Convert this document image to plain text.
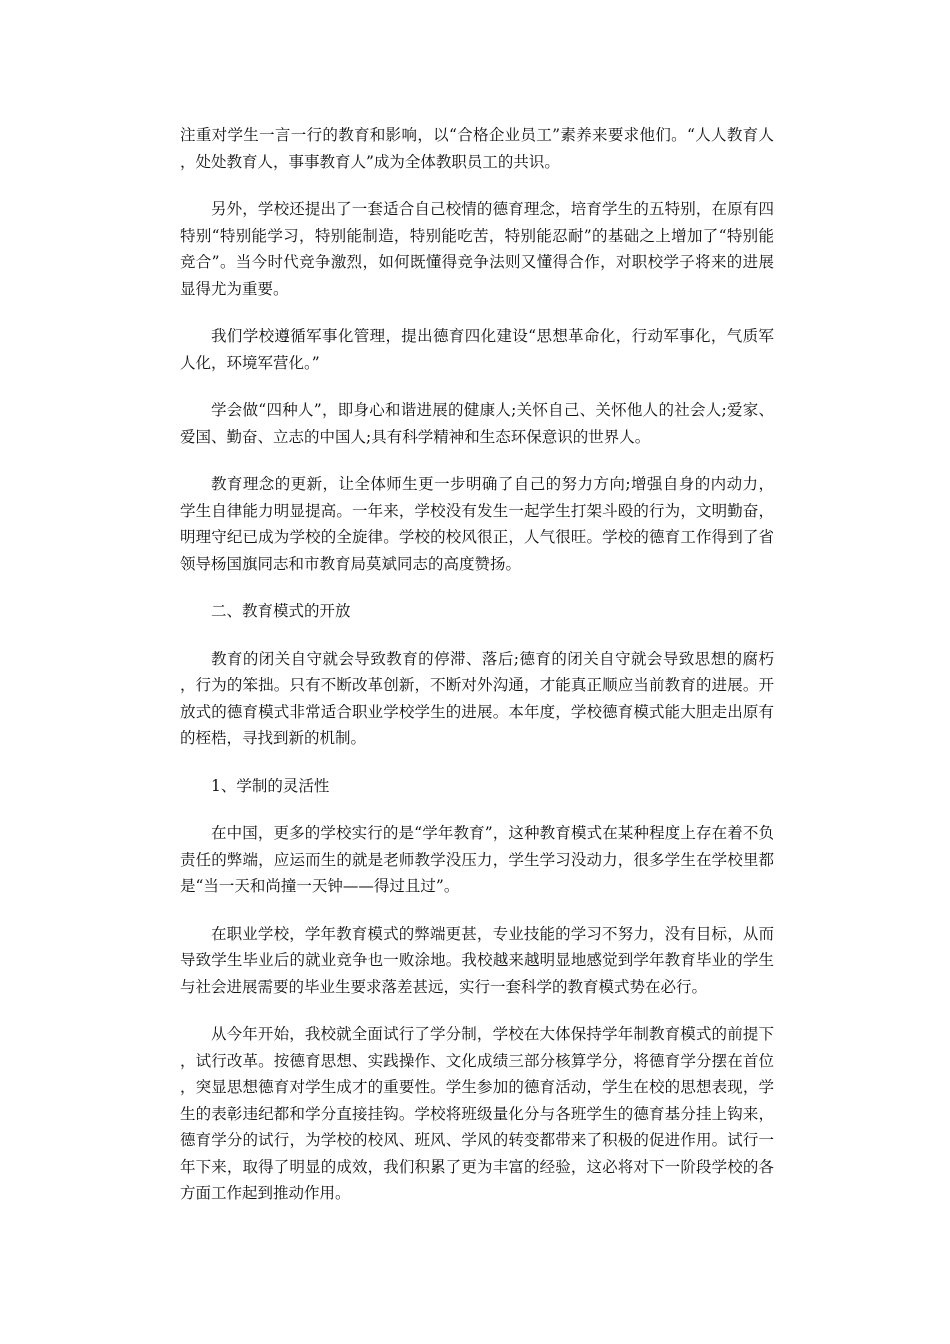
注重对学生一言一行的教育和影响，以“合格企业员工”素养来要求他们。“人人教育人，处处教育人，事事教育人”成为全体教职员工的共识。

另外，学校还提出了一套适合自己校情的德育理念，培育学生的五特别，在原有四特别“特别能学习，特别能制造，特别能吃苦，特别能忍耐”的基础之上增加了“特别能竞合”。当今时代竞争激烈，如何既懂得竞争法则又懂得合作，对职校学子将来的进展显得尤为重要。

我们学校遵循军事化管理，提出德育四化建设“思想革命化，行动军事化，气质军人化，环境军营化。”

学会做“四种人”，即身心和谐进展的健康人;关怀自己、关怀他人的社会人;爱家、爱国、勤奋、立志的中国人;具有科学精神和生态环保意识的世界人。

教育理念的更新，让全体师生更一步明确了自己的努力方向;增强自身的内动力，学生自律能力明显提高。一年来，学校没有发生一起学生打架斗殴的行为，文明勤奋，明理守纪已成为学校的全旋律。学校的校风很正，人气很旺。学校的德育工作得到了省领导杨国旗同志和市教育局莫斌同志的高度赞扬。

二、教育模式的开放

教育的闭关自守就会导致教育的停滞、落后;德育的闭关自守就会导致思想的腐朽，行为的笨拙。只有不断改革创新，不断对外沟通，才能真正顺应当前教育的进展。开放式的德育模式非常适合职业学校学生的进展。本年度，学校德育模式能大胆走出原有的桎梏，寻找到新的机制。

1、学制的灵活性

在中国，更多的学校实行的是“学年教育”，这种教育模式在某种程度上存在着不负责任的弊端，应运而生的就是老师教学没压力，学生学习没动力，很多学生在学校里都是“当一天和尚撞一天钟——得过且过”。

在职业学校，学年教育模式的弊端更甚，专业技能的学习不努力，没有目标，从而导致学生毕业后的就业竞争也一败涂地。我校越来越明显地感觉到学年教育毕业的学生与社会进展需要的毕业生要求落差甚远，实行一套科学的教育模式势在必行。

从今年开始，我校就全面试行了学分制，学校在大体保持学年制教育模式的前提下，试行改革。按德育思想、实践操作、文化成绩三部分核算学分，将德育学分摆在首位，突显思想德育对学生成才的重要性。学生参加的德育活动，学生在校的思想表现，学生的表彰违纪都和学分直接挂钩。学校将班级量化分与各班学生的德育基分挂上钩来，德育学分的试行，为学校的校风、班风、学风的转变都带来了积极的促进作用。试行一年下来，取得了明显的成效，我们积累了更为丰富的经验，这必将对下一阶段学校的各方面工作起到推动作用。
